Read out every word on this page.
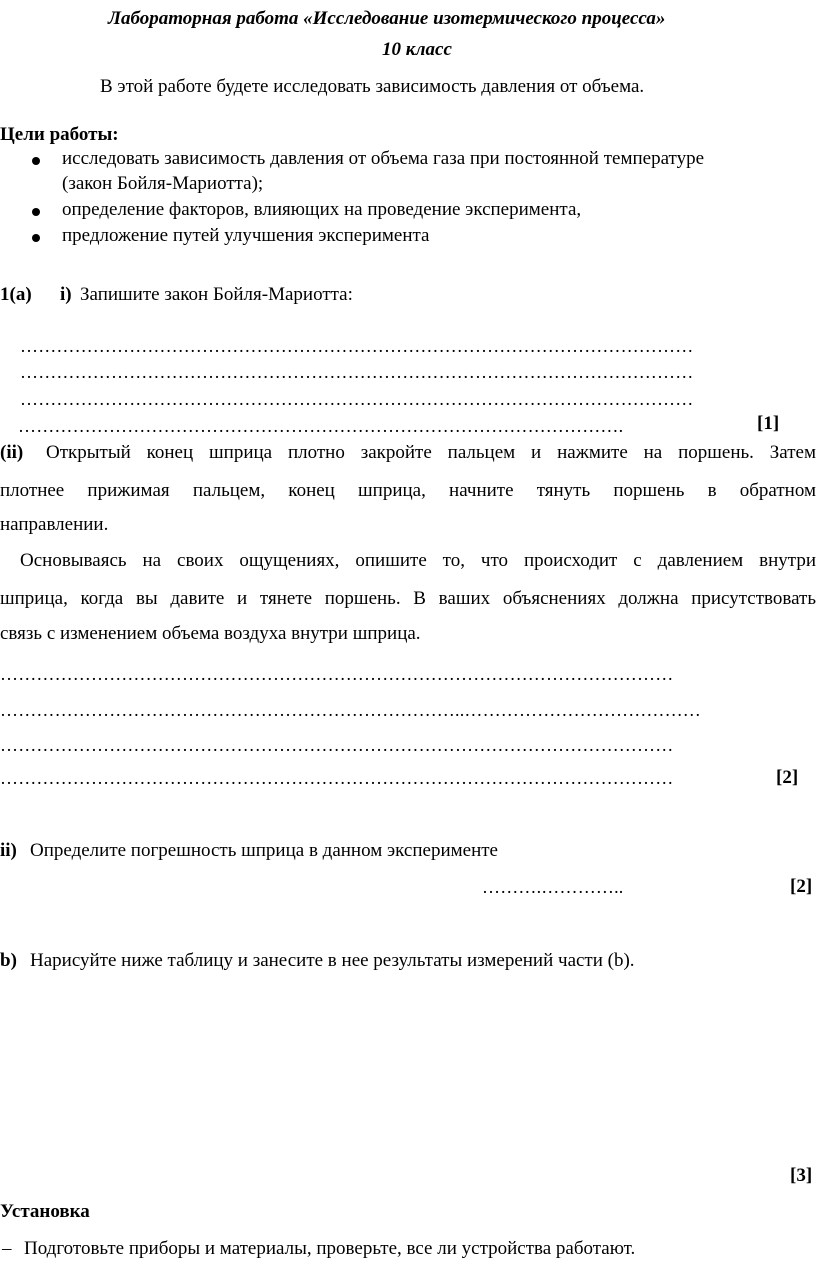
Лабораторная работа «Исследование изотермического процесса»
10 класс
В этой работе будете исследовать зависимость давления от объема.
Цели работы:
исследовать зависимость давления от объема газа при постоянной температуре
(закон Бойля-Мариотта);
определение факторов, влияющих на проведение эксперимента,
предложение путей улучшения эксперимента
1(a) i) Запишите закон Бойля-Мариотта:
…………………………………………………………………………………………………
…………………………………………………………………………………………………
…………………………………………………………………………………………………
……………………………………………………………………………………….	[1]
(ii) Открытый конец шприца плотно закройте пальцем и нажмите на поршень. Затем
плотнее прижимая пальцем, конец шприца, начните тянуть поршень в обратном
направлении.
Основываясь на своих ощущениях, опишите то, что происходит с давлением внутри
шприца, когда вы давите и тянете поршень. В ваших объяснениях должна присутствовать
связь с изменением объема воздуха внутри шприца.
…………………………………………………………………………………………………
…………………………………………………………………..…………………………………
…………………………………………………………………………………………………
…………………………………………………………………………………………………	[2]
ii) Определите погрешность шприца в данном эксперименте
……….…………..	[2]
b) Нарисуйте ниже таблицу и занесите в нее результаты измерений части (b).
[3]
Установка
– Подготовьте приборы и материалы, проверьте, все ли устройства работают.
